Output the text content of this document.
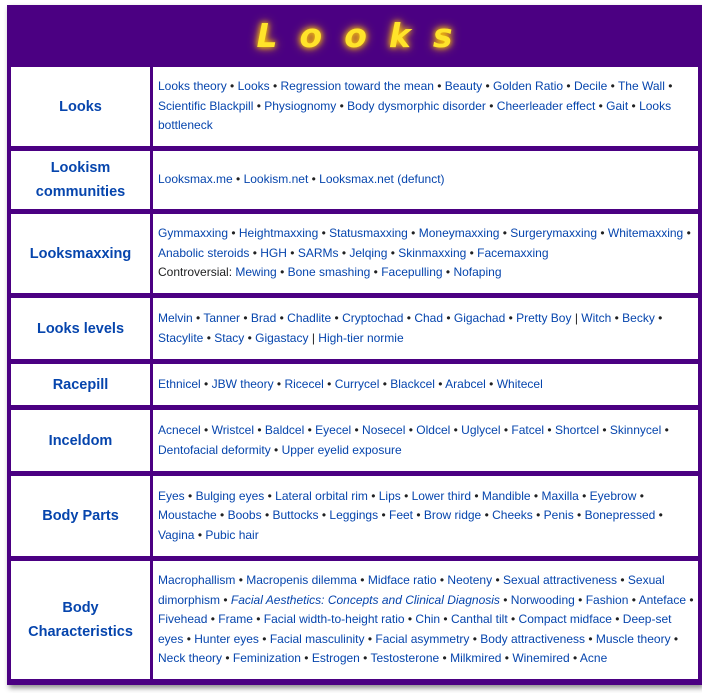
Looks
Looks

Looks theory • Looks • Regression toward the mean • Beauty • Golden Ratio • Decile • The Wall • Scientific Blackpill • Physiognomy • Body dysmorphic disorder • Cheerleader effect • Gait • Looks bottleneck

Lookism communities

Looksmax.me • Lookism.net • Looksmax.net (defunct)

Looksmaxxing

Gymmaxxing • Heightmaxxing • Statusmaxxing • Moneymaxxing • Surgerymaxxing • Whitemaxxing • Anabolic steroids • HGH • SARMs • Jelqing • Skinmaxxing • Facemaxxing
Controversial: Mewing • Bone smashing • Facepulling • Nofaping

Looks levels

Melvin • Tanner • Brad • Chadlite • Cryptochad • Chad • Gigachad • Pretty Boy | Witch • Becky • Stacylite • Stacy • Gigastacy | High-tier normie

Racepill	Ethnicel • JBW theory • Ricecel • Currycel • Blackcel • Arabcel • Whitecel

Inceldom

Acnecel • Wristcel • Baldcel • Eyecel • Nosecel • Oldcel • Uglycel • Fatcel • Shortcel • Skinnycel • Dentofacial deformity • Upper eyelid exposure

Body Parts

Eyes • Bulging eyes • Lateral orbital rim • Lips • Lower third • Mandible • Maxilla • Eyebrow • Moustache • Boobs • Buttocks • Leggings • Feet • Brow ridge • Cheeks • Penis • Bonepressed • Vagina • Pubic hair

Body Characteristics

Macrophallism • Macropenis dilemma • Midface ratio • Neoteny • Sexual attractiveness • Sexual dimorphism • Facial Aesthetics: Concepts and Clinical Diagnosis • Norwooding • Fashion • Anteface • Fivehead • Frame • Facial width-to-height ratio • Chin • Canthal tilt • Compact midface • Deep-set eyes • Hunter eyes • Facial masculinity • Facial asymmetry • Body attractiveness • Muscle theory • Neck theory • Feminization • Estrogen • Testosterone • Milkmired • Winemired • Acne
